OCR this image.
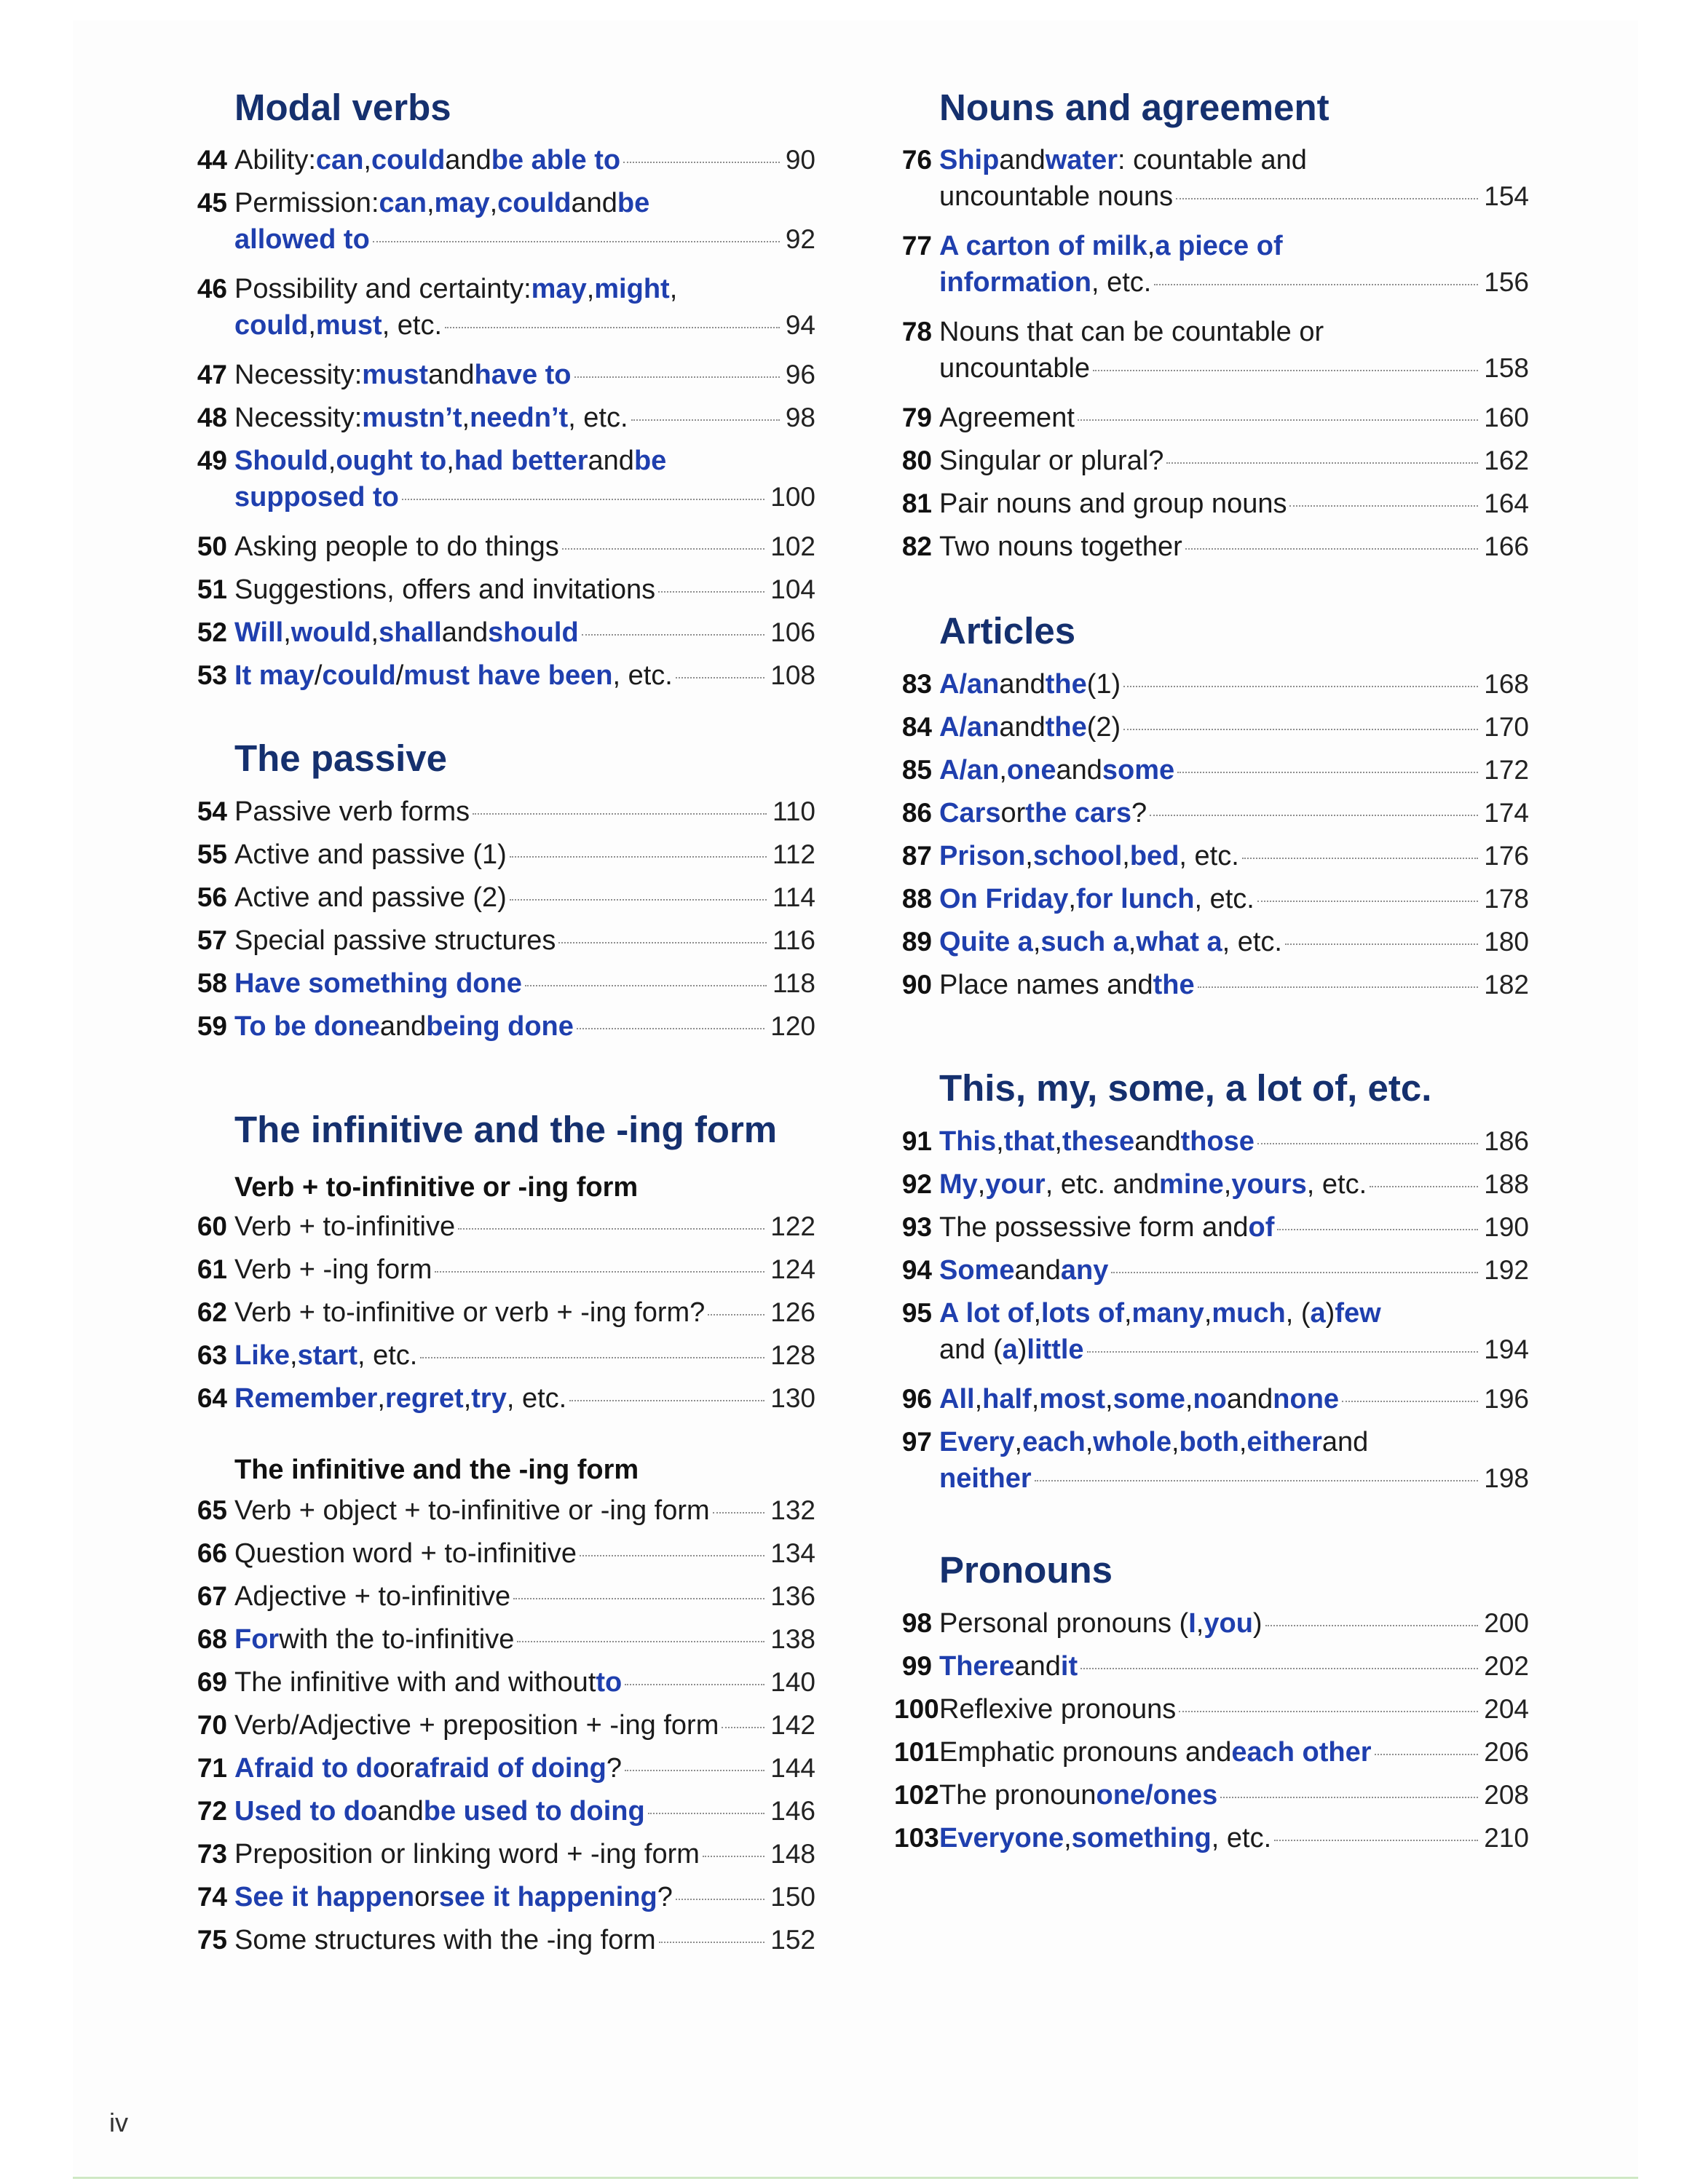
Modal verbs
44 Ability: can , could and be able to	90
45 Permission: can , may , could and be
allowed to	92
46 Possibility and certainty: may , might ,
could , must , etc.	94
47 Necessity: must and have to	96
48 Necessity: mustn’t , needn’t , etc.	98
49 Should , ought to , had better and be
supposed to	100
50 Asking people to do things	102
51 Suggestions, offers and invitations	104
52 Will , would , shall and should	106
53 It may / could / must have been , etc.	108
The passive
54 Passive verb forms	110
55 Active and passive (1)	112
56 Active and passive (2)	114
57 Special passive structures	116
58 Have something done	118
59 To be done and being done	120
The infinitive and the -ing form
Verb + to-infinitive or -ing form
60 Verb + to-infinitive	122
61 Verb + -ing form	124
62 Verb + to-infinitive or verb + -ing form? 126
63 Like , start , etc.	128
64 Remember , regret , try , etc.	130
The infinitive and the -ing form
65 Verb + object + to-infinitive or -ing form 132
66 Question word + to-infinitive	134
67 Adjective + to-infinitive	136
68 For with the to-infinitive	138
69 The infinitive with and without to	140
70 Verb/Adjective + preposition + -ing form 142
71 Afraid to do or afraid of doing ?	144
72 Used to do and be used to doing	146
73 Preposition or linking word + -ing form	148
74 See it happen or see it happening ?	150
75 Some structures with the -ing form	152
Nouns and agreement
76 Ship and water : countable and
uncountable nouns	154
77 A carton of milk , a piece of
information , etc.	156
78 Nouns that can be countable or
uncountable	158
79 Agreement	160
80 Singular or plural?	162
81 Pair nouns and group nouns	164
82 Two nouns together	166
Articles
83 A/an and the (1)	168
84 A/an and the (2)	170
85 A/an , one and some	172
86 Cars or the cars ?	174
87 Prison , school , bed , etc.	176
88 On Friday , for lunch , etc.	178
89 Quite a , such a , what a , etc.	180
90 Place names and the	182
This, my, some, a lot of, etc.
91 This , that , these and those	186
92 My , your , etc. and mine , yours , etc.	188
93 The possessive form and of	190
94 Some and any	192
95 A lot of , lots of , many , much , ( a ) few
and ( a ) little	194
96 All , half , most , some , no and none	196
97 Every , each , whole , both , either and
neither	198
Pronouns
98 Personal pronouns ( I , you )	200
99 There and it	202
100 Reflexive pronouns	204
101 Emphatic pronouns and each other	206
102 The pronoun one/ones	208
103 Everyone , something , etc.	210
iv
